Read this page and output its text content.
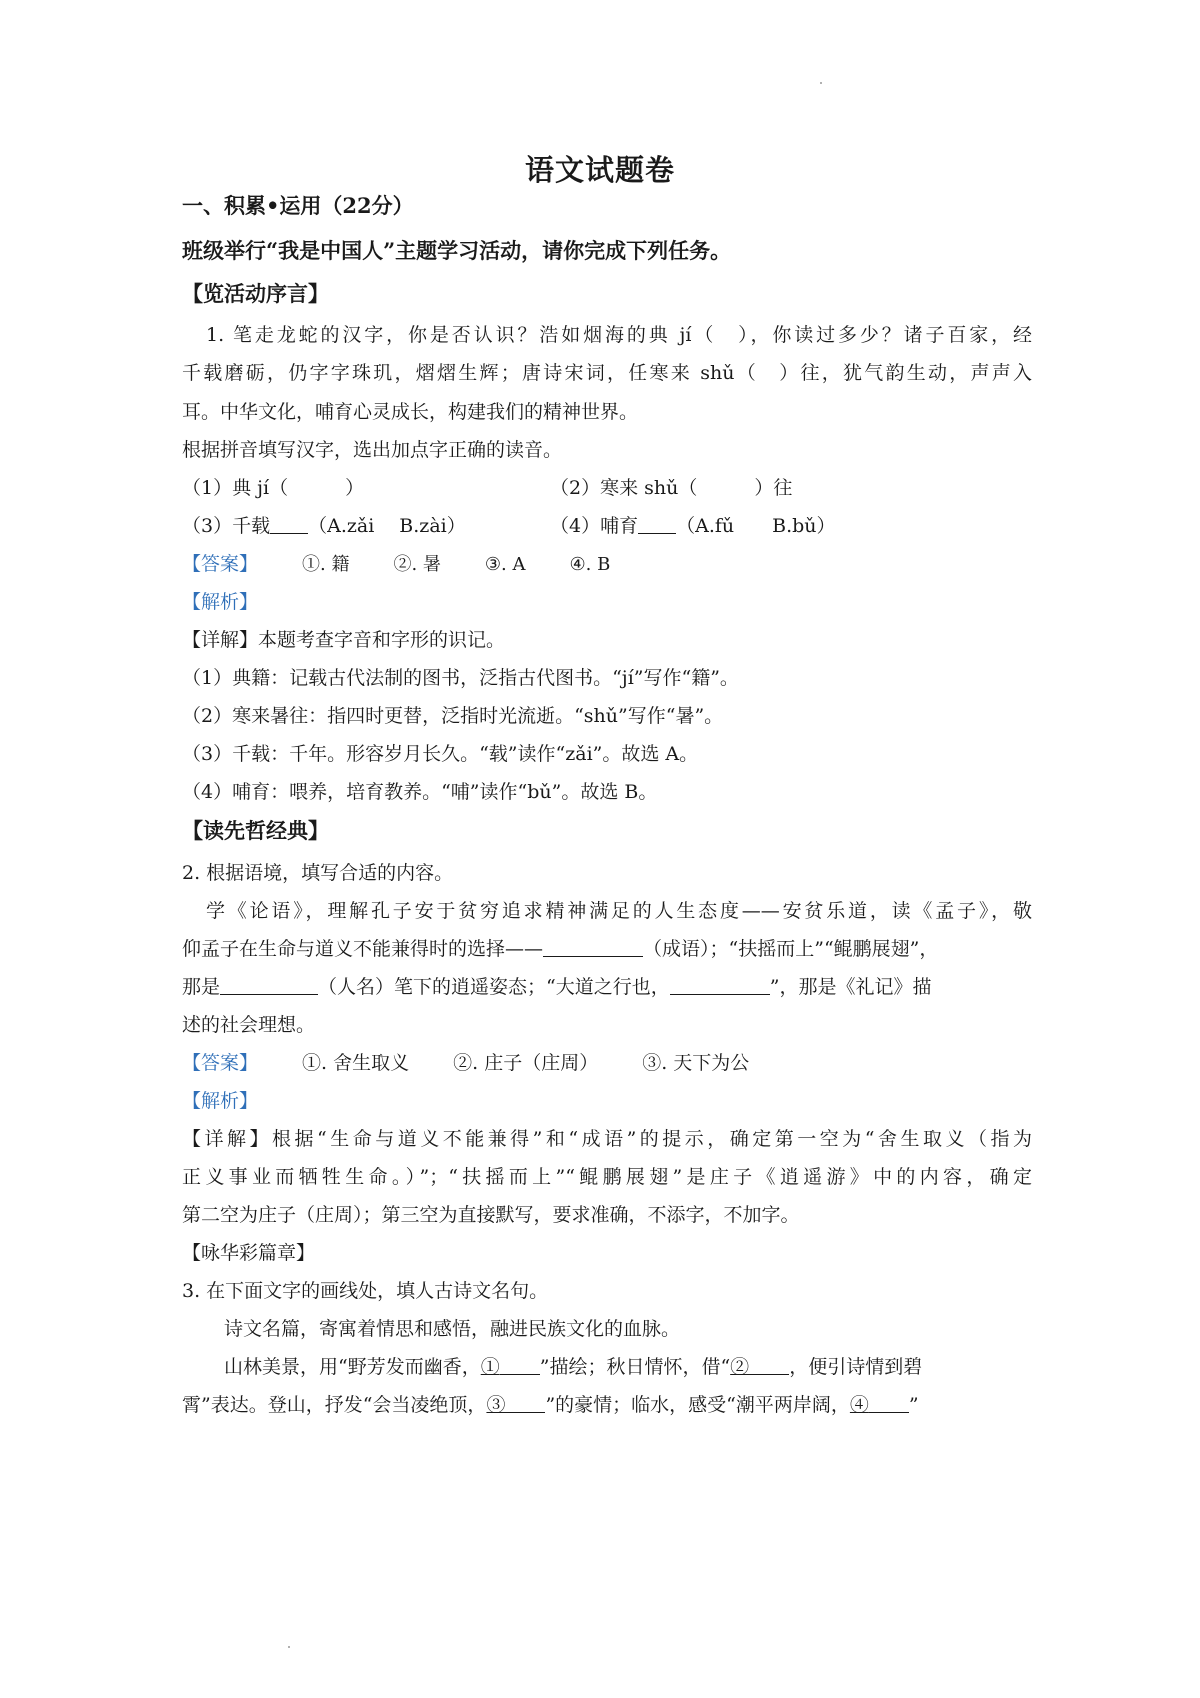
语文试题卷
一、积累•运用（22分）
班级举行“我是中国人”主题学习活动，请你完成下列任务。
【览活动序言】
1. 笔走龙蛇的汉字，你是否认识？浩如烟海的典 jí（　），你读过多少？诸子百家，经
千载磨砺，仍字字珠玑，熠熠生辉；唐诗宋词，任寒来 shǔ（　）往，犹气韵生动，声声入
耳。中华文化，哺育心灵成长，构建我们的精神世界。
根据拼音填写汉字，选出加点字正确的读音。
（1）典 jí（　　　）	（2）寒来 shǔ（　　　）往
（3）千载 （A.zǎi　 B.zài）	（4）哺育 （A.fǔ　　B.bǔ）
【答案】 ①. 籍 ②. 暑 ③. A ④. B
【解析】
【详解】本题考查字音和字形的识记。
（1）典籍：记载古代法制的图书，泛指古代图书。“jí”写作“籍”。
（2）寒来暑往：指四时更替，泛指时光流逝。“shǔ”写作“暑”。
（3）千载：千年。形容岁月长久。“载”读作“zǎi”。故选 A。
（4）哺育：喂养，培育教养。“哺”读作“bǔ”。故选 B。
【读先哲经典】
2. 根据语境，填写合适的内容。
学《论语》，理解孔子安于贫穷追求精神满足的人生态度——安贫乐道，读《孟子》，敬
仰孟子在生命与道义不能兼得时的选择——	（成语）；“扶摇而上”“鲲鹏展翅”，
那是	（人名）笔下的逍遥姿态；“大道之行也，	”，那是《礼记》描
述的社会理想。
【答案】 ①. 舍生取义 ②. 庄子（庄周） ③. 天下为公
【解析】
【详解】根据“生命与道义不能兼得”和“成语”的提示，确定第一空为“舍生取义（指为
正义事业而牺牲生命。）”；“扶摇而上”“鲲鹏展翅”是庄子《逍遥游》中的内容，确定
第二空为庄子（庄周）；第三空为直接默写，要求准确，不添字，不加字。
【咏华彩篇章】
3. 在下面文字的画线处，填人古诗文名句。
诗文名篇，寄寓着情思和感悟，融进民族文化的血脉。
山林美景，用“野芳发而幽香，① ”描绘；秋日情怀，借“② ，便引诗情到碧
霄”表达。登山，抒发“会当凌绝顶，③ ”的豪情；临水，感受“潮平两岸阔，④ ”
